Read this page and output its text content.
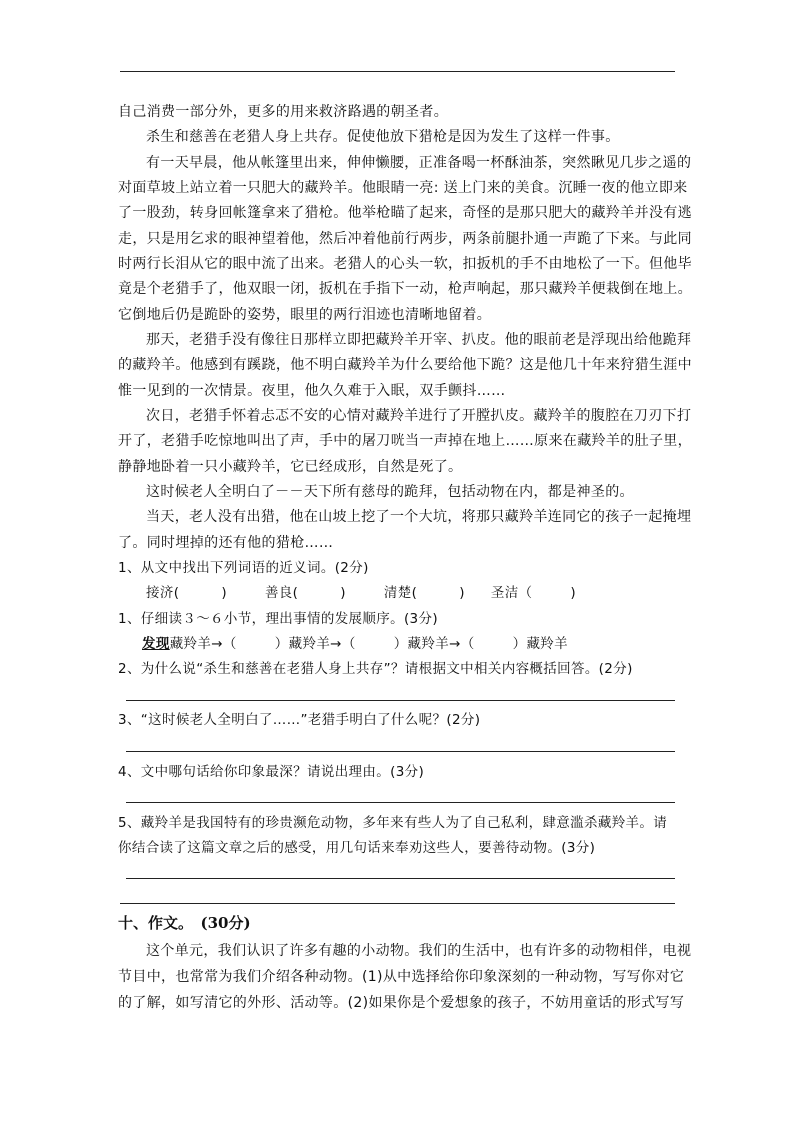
自己消费一部分外，更多的用来救济路遇的朝圣者。
杀生和慈善在老猎人身上共存。促使他放下猎枪是因为发生了这样一件事。
有一天早晨，他从帐篷里出来，伸伸懒腰，正准备喝一杯酥油茶，突然瞅见几步之遥的
对面草坡上站立着一只肥大的藏羚羊。他眼睛一亮: 送上门来的美食。沉睡一夜的他立即来
了一股劲，转身回帐篷拿来了猎枪。他举枪瞄了起来，奇怪的是那只肥大的藏羚羊并没有逃
走，只是用乞求的眼神望着他，然后冲着他前行两步，两条前腿扑通一声跪了下来。与此同
时两行长泪从它的眼中流了出来。老猎人的心头一软，扣扳机的手不由地松了一下。但他毕
竟是个老猎手了，他双眼一闭，扳机在手指下一动，枪声响起，那只藏羚羊便栽倒在地上。
它倒地后仍是跪卧的姿势，眼里的两行泪迹也清晰地留着。
那天，老猎手没有像往日那样立即把藏羚羊开宰、扒皮。他的眼前老是浮现出给他跪拜
的藏羚羊。他感到有蹊跷，他不明白藏羚羊为什么要给他下跪？这是他几十年来狩猎生涯中
惟一见到的一次情景。夜里，他久久难于入眠，双手颤抖……
次日，老猎手怀着忐忑不安的心情对藏羚羊进行了开膛扒皮。藏羚羊的腹腔在刀刃下打
开了，老猎手吃惊地叫出了声，手中的屠刀咣当一声掉在地上……原来在藏羚羊的肚子里，
静静地卧着一只小藏羚羊，它已经成形，自然是死了。
这时候老人全明白了－－天下所有慈母的跪拜，包括动物在内，都是神圣的。
当天，老人没有出猎，他在山坡上挖了一个大坑，将那只藏羚羊连同它的孩子一起掩埋
了。同时埋掉的还有他的猎枪……
1、从文中找出下列词语的近义词。(2分)
接济(	)	善良(	)	清楚(	) 圣洁（	)
1、仔细读３～６小节，理出事情的发展顺序。(3分)
发现藏羚羊→（	）藏羚羊→（	）藏羚羊→（	）藏羚羊
2、为什么说“杀生和慈善在老猎人身上共存”？请根据文中相关内容概括回答。(2分)
3、“这时候老人全明白了……”老猎手明白了什么呢？(2分)
4、文中哪句话给你印象最深？请说出理由。(3分)
5、藏羚羊是我国特有的珍贵濒危动物，多年来有些人为了自己私利，肆意滥杀藏羚羊。请
你结合读了这篇文章之后的感受，用几句话来奉劝这些人，要善待动物。(3分)
十、作文。　(30分)
这个单元，我们认识了许多有趣的小动物。我们的生活中，也有许多的动物相伴，电视
节目中，也常常为我们介绍各种动物。(1)从中选择给你印象深刻的一种动物，写写你对它
的了解，如写清它的外形、活动等。(2)如果你是个爱想象的孩子，不妨用童话的形式写写
